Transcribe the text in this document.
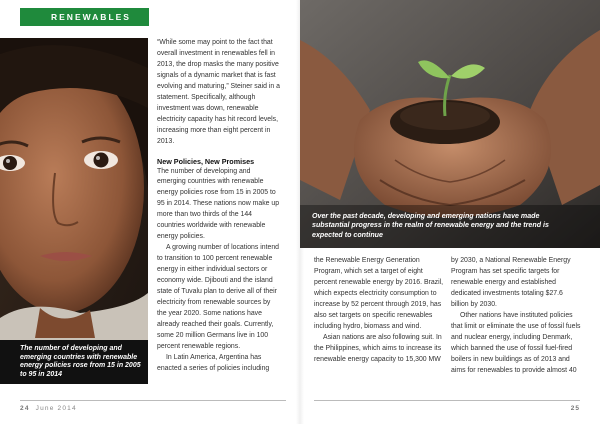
RENEWABLES

The number of developing and emerging countries with renewable energy policies rose from 15 in 2005 to 95 in 2014

“While some may point to the fact that overall investment in renewables fell in 2013, the drop masks the many positive signals of a dynamic market that is fast evolving and maturing,” Steiner said in a statement. Specifically, although investment was down, renewable electricity capacity has hit record levels, increasing more than eight percent in 2013.

New Policies, New Promises

The number of developing and emerging countries with renewable energy policies rose from 15 in 2005 to 95 in 2014. These nations now make up more than two thirds of the 144 countries worldwide with renewable energy policies.

A growing number of locations intend to transition to 100 percent renewable energy in either individual sectors or economy wide. Djibouti and the island state of Tuvalu plan to derive all of their electricity from renewable sources by the year 2020. Some nations have already reached their goals. Currently, some 20 million Germans live in 100 percent renewable regions.

In Latin America, Argentina has enacted a series of policies including

24 June 2014

Over the past decade, developing and emerging nations have made substantial progress in the realm of renewable energy and the trend is expected to continue

the Renewable Energy Generation Program, which set a target of eight percent renewable energy by 2016. Brazil, which expects electricity consumption to increase by 52 percent through 2019, has also set targets on specific renewables including hydro, biomass and wind.

Asian nations are also following suit. In the Philippines, which aims to increase its renewable energy capacity to 15,300 MW

by 2030, a National Renewable Energy Program has set specific targets for renewable energy and established dedicated investments totaling $27.6 billion by 2030.

Other nations have instituted policies that limit or eliminate the use of fossil fuels and nuclear energy, including Denmark, which banned the use of fossil fuel-fired boilers in new buildings as of 2013 and aims for renewables to provide almost 40

25
